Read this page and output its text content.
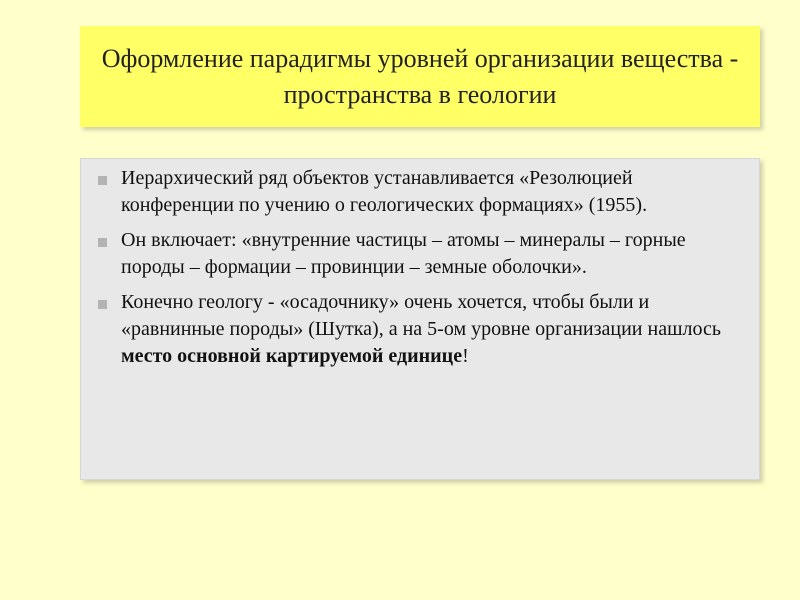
Оформление парадигмы уровней организации вещества - пространства в геологии
Иерархический ряд объектов устанавливается «Резолюцией конференции по учению о геологических формациях» (1955).
Он включает: «внутренние частицы – атомы – минералы – горные породы – формации – провинции – земные оболочки».
Конечно геологу - «осадочнику» очень хочется, чтобы были и «равнинные породы» (Шутка), а на 5-ом уровне организации нашлось место основной картируемой единице!
